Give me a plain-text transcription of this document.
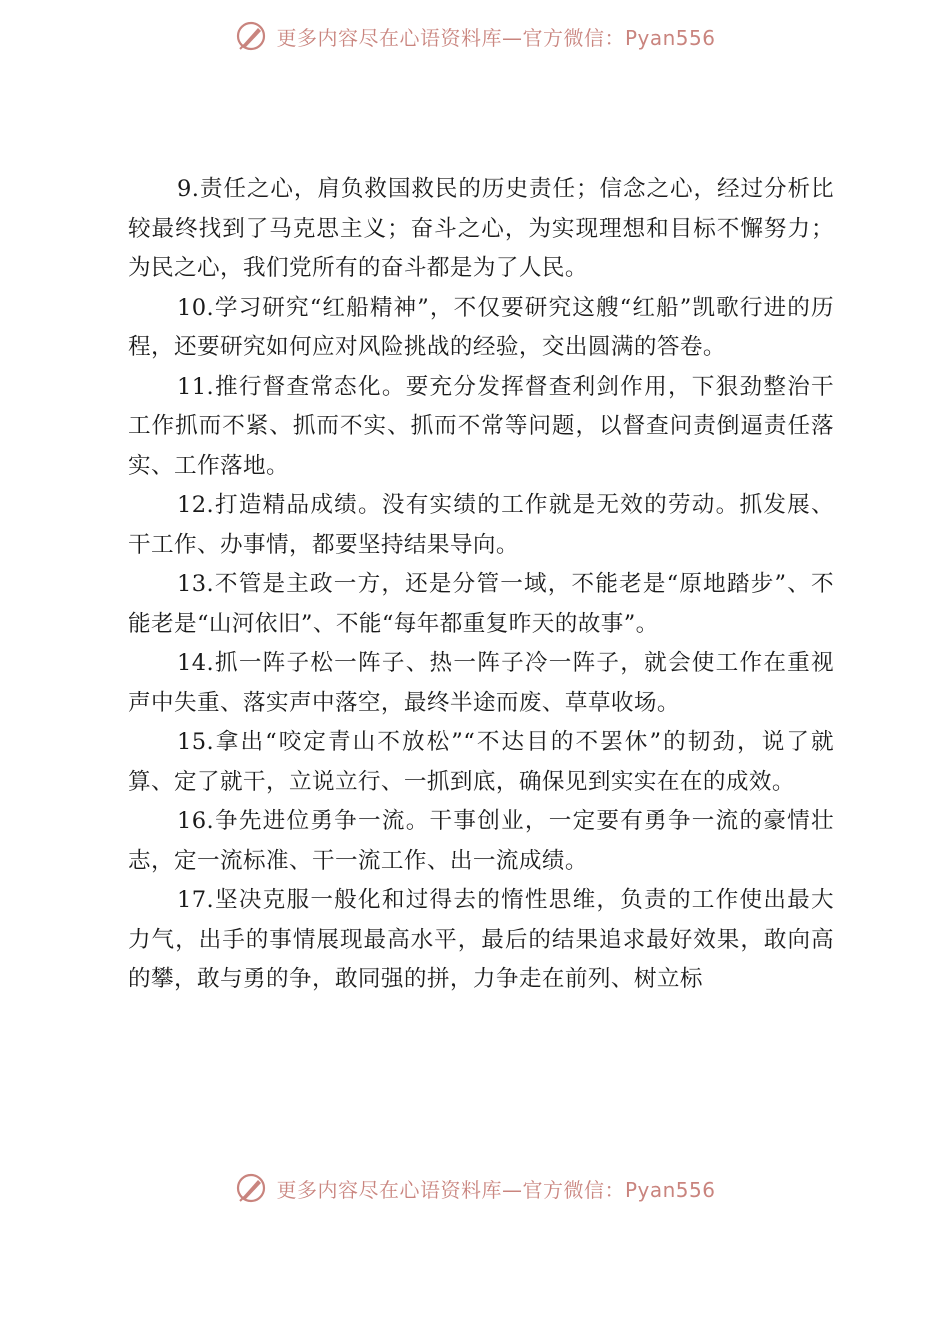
更多内容尽在心语资料库—官方微信：Pyan556

9.责任之心，肩负救国救民的历史责任；信念之心，经过分析比较最终找到了马克思主义；奋斗之心，为实现理想和目标不懈努力；为民之心，我们党所有的奋斗都是为了人民。

10.学习研究“红船精神”，不仅要研究这艘“红船”凯歌行进的历程，还要研究如何应对风险挑战的经验，交出圆满的答卷。

11.推行督查常态化。要充分发挥督查利剑作用，下狠劲整治干工作抓而不紧、抓而不实、抓而不常等问题，以督查问责倒逼责任落实、工作落地。

12.打造精品成绩。没有实绩的工作就是无效的劳动。抓发展、干工作、办事情，都要坚持结果导向。

13.不管是主政一方，还是分管一域，不能老是“原地踏步”、不能老是“山河依旧”、不能“每年都重复昨天的故事”。

14.抓一阵子松一阵子、热一阵子冷一阵子，就会使工作在重视声中失重、落实声中落空，最终半途而废、草草收场。

15.拿出“咬定青山不放松”“不达目的不罢休”的韧劲，说了就算、定了就干，立说立行、一抓到底，确保见到实实在在的成效。

16.争先进位勇争一流。干事创业，一定要有勇争一流的豪情壮志，定一流标准、干一流工作、出一流成绩。

17.坚决克服一般化和过得去的惰性思维，负责的工作使出最大力气，出手的事情展现最高水平，最后的结果追求最好效果，敢向高的攀，敢与勇的争，敢同强的拼，力争走在前列、树立标

更多内容尽在心语资料库—官方微信：Pyan556
